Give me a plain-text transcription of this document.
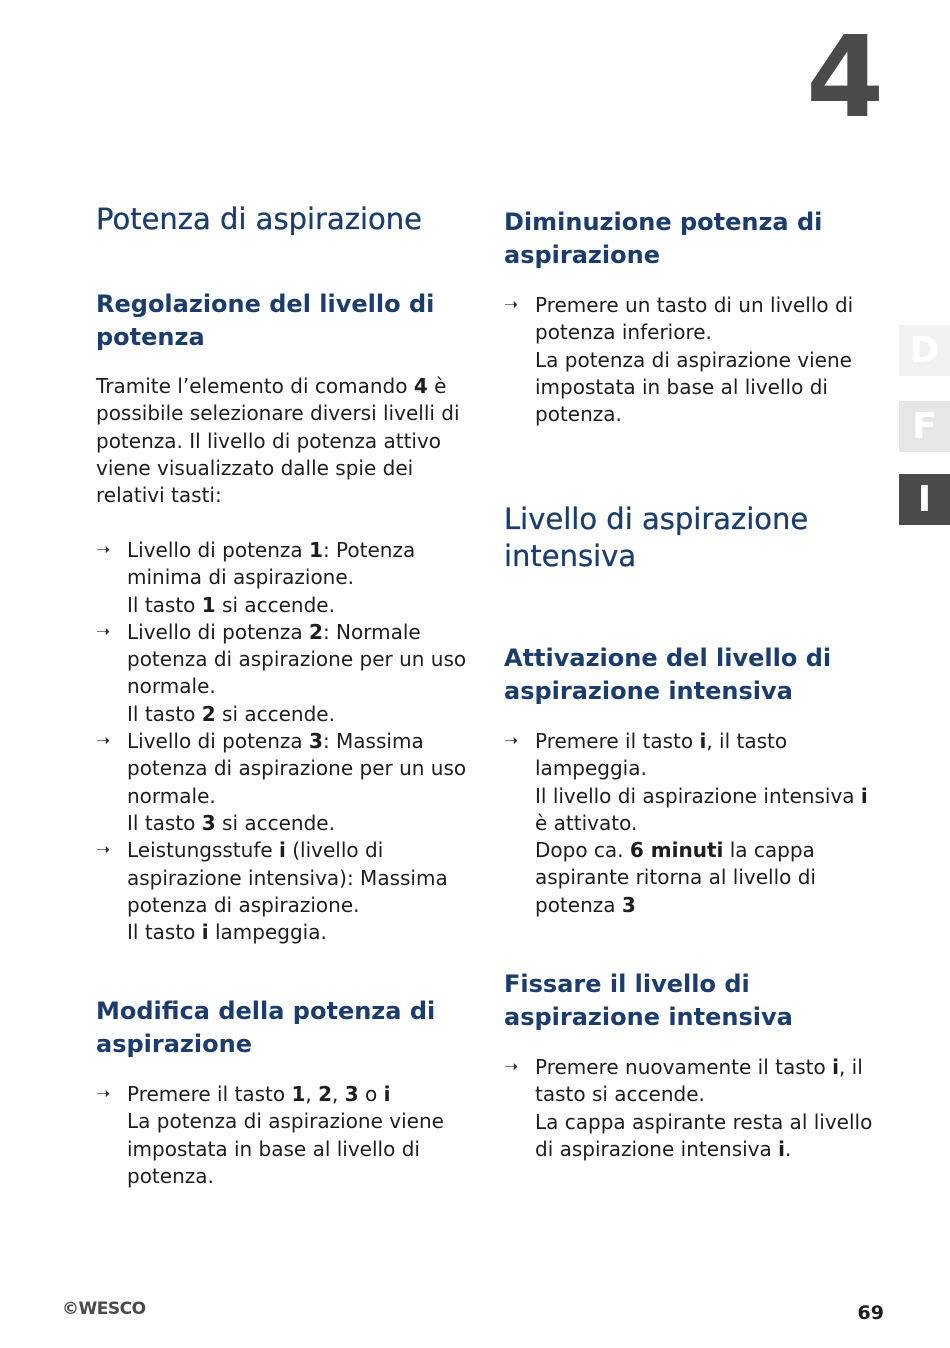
4
D
F
I
Potenza di aspirazione
Regolazione del livello di potenza

Tramite l’elemento di comando 4 è possibile selezionare diversi livelli di potenza. Il livello di potenza attivo viene visualizzato dalle spie dei relativi tasti:

➝ Livello di potenza 1: Potenza minima di aspirazione.
Il tasto 1 si accende.
➝ Livello di potenza 2: Normale potenza di aspirazione per un uso normale.
Il tasto 2 si accende.
➝ Livello di potenza 3: Massima potenza di aspirazione per un uso normale.
Il tasto 3 si accende.
➝ Leistungsstufe i (livello di aspirazione intensiva): Massima potenza di aspirazione.
Il tasto i lampeggia.
Modifica della potenza di aspirazione
➝ Premere il tasto 1, 2, 3 o i
La potenza di aspirazione viene impostata in base al livello di potenza.
Diminuzione potenza di aspirazione
➝ Premere un tasto di un livello di potenza inferiore.
La potenza di aspirazione viene impostata in base al livello di potenza.
Livello di aspirazione intensiva
Attivazione del livello di aspirazione intensiva
➝ Premere il tasto i, il tasto lampeggia.
Il livello di aspirazione intensiva i è attivato.
Dopo ca. 6 minuti la cappa aspirante ritorna al livello di potenza 3
Fissare il livello di aspirazione intensiva
➝ Premere nuovamente il tasto i, il tasto si accende.
La cappa aspirante resta al livello di aspirazione intensiva i.
©WESCO	69
